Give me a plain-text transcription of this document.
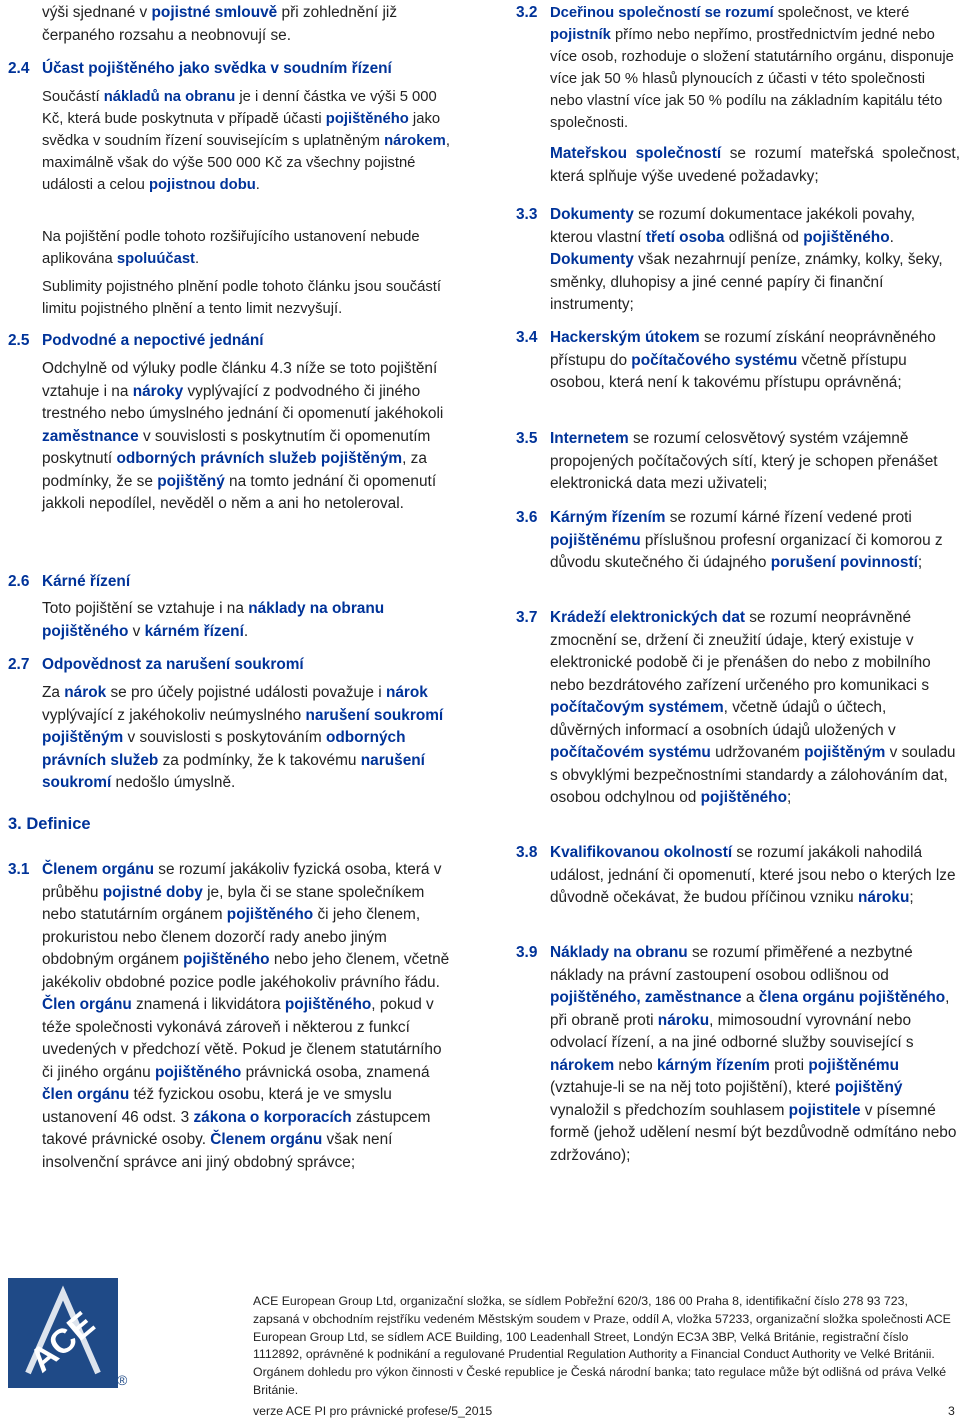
výši sjednané v pojistné smlouvě při zohlednění již
čerpaného rozsahu a neobnovují se.

2.4 Účast pojištěného jako svědka v soudním řízení

Součástí nákladů na obranu je i denní částka ve výši 5 000 Kč, která bude poskytnuta v případě účasti pojištěného jako svědka v soudním řízení souvisejícím s uplatněným nárokem, maximálně však do výše 500 000 Kč za všechny pojistné události a celou pojistnou dobu.

Na pojištění podle tohoto rozšiřujícího ustanovení nebude aplikována spoluúčast.

Sublimity pojistného plnění podle tohoto článku jsou součástí limitu pojistného plnění a tento limit nezvyšují.

2.5 Podvodné a nepoctivé jednání

Odchylně od výluky podle článku 4.3 níže se toto pojištění vztahuje i na nároky vyplývající z podvodného či jiného trestného nebo úmyslného jednání či opomenutí jakéhokoli zaměstnance v souvislosti s poskytnutím či opomenutím poskytnutí odborných právních služeb pojištěným, za podmínky, že se pojištěný na tomto jednání či opomenutí jakkoli nepodílel, nevěděl o něm a ani ho netoleroval.

2.6 Kárné řízení

Toto pojištění se vztahuje i na náklady na obranu pojištěného v kárném řízení.

2.7 Odpovědnost za narušení soukromí

Za nárok se pro účely pojistné události považuje i nárok vyplývající z jakéhokoliv neúmyslného narušení soukromí pojištěným v souvislosti s poskytováním odborných právních služeb za podmínky, že k takovému narušení soukromí nedošlo úmyslně.

3. Definice
3.1 Členem orgánu se rozumí jakákoliv fyzická osoba, která v průběhu pojistné doby je, byla či se stane společníkem nebo statutárním orgánem pojištěného či jeho členem, prokuristou nebo členem dozorčí rady anebo jiným obdobným orgánem pojištěného nebo jeho členem, včetně jakékoliv obdobné pozice podle jakéhokoliv právního řádu. Člen orgánu znamená i likvidátora pojištěného, pokud v téže společnosti vykonává zároveň i některou z funkcí uvedených v předchozí větě. Pokud je členem statutárního či jiného orgánu pojištěného právnická osoba, znamená člen orgánu též fyzickou osobu, která je ve smyslu ustanovení 46 odst. 3 zákona o korporacích zástupcem takové právnické osoby. Členem orgánu však není insolvenční správce ani jiný obdobný správce;

3.2 Dceřinou společností se rozumí společnost, ve které pojistník přímo nebo nepřímo, prostřednictvím jedné nebo více osob, rozhoduje o složení statutárního orgánu, disponuje více jak 50 % hlasů plynoucích z účasti v této společnosti nebo vlastní více jak 50 % podílu na základním kapitálu této společnosti.

Mateřskou společností se rozumí mateřská společnost, která splňuje výše uvedené požadavky;

3.3 Dokumenty se rozumí dokumentace jakékoli povahy, kterou vlastní třetí osoba odlišná od pojištěného. Dokumenty však nezahrnují peníze, známky, kolky, šeky, směnky, dluhopisy a jiné cenné papíry či finanční instrumenty;

3.4 Hackerským útokem se rozumí získání neoprávněného přístupu do počítačového systému včetně přístupu osobou, která není k takovému přístupu oprávněná;

3.5 Internetem se rozumí celosvětový systém vzájemně propojených počítačových sítí, který je schopen přenášet elektronická data mezi uživateli;

3.6 Kárným řízením se rozumí kárné řízení vedené proti pojištěnému příslušnou profesní organizací či komorou z důvodu skutečného či údajného porušení povinností;

3.7 Krádeží elektronických dat se rozumí neoprávněné zmocnění se, držení či zneužití údaje, který existuje v elektronické podobě či je přenášen do nebo z mobilního nebo bezdrátového zařízení určeného pro komunikaci s počítačovým systémem, včetně údajů o účtech, důvěrných informací a osobních údajů uložených v počítačovém systému udržovaném pojištěným v souladu s obvyklými bezpečnostními standardy a zálohováním dat, osobou odchylnou od pojištěného;

3.8 Kvalifikovanou okolností se rozumí jakákoli nahodilá událost, jednání či opomenutí, které jsou nebo o kterých lze důvodně očekávat, že budou příčinou vzniku nároku;

3.9 Náklady na obranu se rozumí přiměřené a nezbytné náklady na právní zastoupení osobou odlišnou od pojištěného, zaměstnance a člena orgánu pojištěného, při obraně proti nároku, mimosoudní vyrovnání nebo odvolací řízení, a na jiné odborné služby související s nárokem nebo kárným řízením proti pojištěnému (vztahuje-li se na něj toto pojištění), které pojištěný vynaložil s předchozím souhlasem pojistitele v písemné formě (jehož udělení nesmí být bezdůvodně odmítáno nebo zdržováno);

ACE
®
ACE European Group Ltd, organizační složka, se sídlem Pobřežní 620/3, 186 00 Praha 8, identifikační číslo 278 93 723, zapsaná v obchodním rejstříku vedeném Městským soudem v Praze, oddíl A, vložka 57233, organizační složka společnosti ACE European Group Ltd, se sídlem ACE Building, 100 Leadenhall Street, Londýn EC3A 3BP, Velká Británie, registrační číslo 1112892, oprávněné k podnikání a regulované Prudential Regulation Authority a Financial Conduct Authority ve Velké Británii. Orgánem dohledu pro výkon činnosti v České republice je Česká národní banka; tato regulace může být odlišná od práva Velké Británie.
verze ACE PI pro právnické profese/5_2015	3
